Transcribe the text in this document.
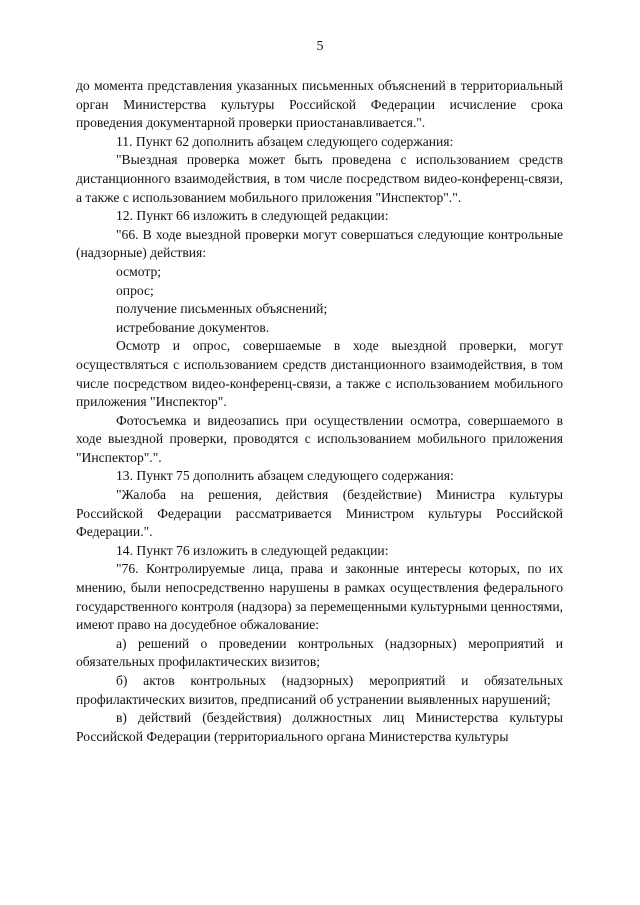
5

до момента представления указанных письменных объяснений в территориальный орган Министерства культуры Российской Федерации исчисление срока проведения документарной проверки приостанавливается.".

11. Пункт 62 дополнить абзацем следующего содержания:

"Выездная проверка может быть проведена с использованием средств дистанционного взаимодействия, в том числе посредством видео-конференц-связи, а также с использованием мобильного приложения "Инспектор".".

12. Пункт 66 изложить в следующей редакции:

"66. В ходе выездной проверки могут совершаться следующие контрольные (надзорные) действия:

осмотр;

опрос;

получение письменных объяснений;

истребование документов.

Осмотр и опрос, совершаемые в ходе выездной проверки, могут осуществляться с использованием средств дистанционного взаимодействия, в том числе посредством видео-конференц-связи, а также с использованием мобильного приложения "Инспектор".

Фотосъемка и видеозапись при осуществлении осмотра, совершаемого в ходе выездной проверки, проводятся с использованием мобильного приложения "Инспектор".".

13. Пункт 75 дополнить абзацем следующего содержания:

"Жалоба на решения, действия (бездействие) Министра культуры Российской Федерации рассматривается Министром культуры Российской Федерации.".

14. Пункт 76 изложить в следующей редакции:

"76. Контролируемые лица, права и законные интересы которых, по их мнению, были непосредственно нарушены в рамках осуществления федерального государственного контроля (надзора) за перемещенными культурными ценностями, имеют право на досудебное обжалование:

а) решений о проведении контрольных (надзорных) мероприятий и обязательных профилактических визитов;

б) актов контрольных (надзорных) мероприятий и обязательных профилактических визитов, предписаний об устранении выявленных нарушений;

в) действий (бездействия) должностных лиц Министерства культуры Российской Федерации (территориального органа Министерства культуры
